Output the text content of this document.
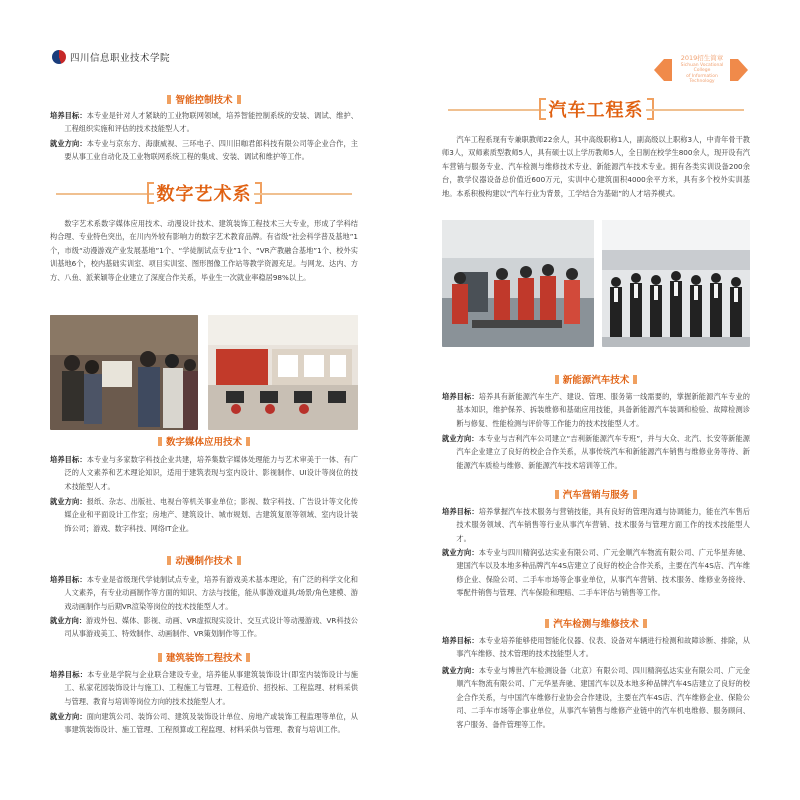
四川信息职业技术学院	2019招生简章
Sichuan Vocational College
of Information
Technology
智能控制技术
培养目标：本专业是针对人才紧缺的工业物联网领域，培养智能控制系统的安装、调试、维护、工程组织实施和评估的技术技能型人才。
就业方向：本专业与京东方、海康威视、三环电子、四川旧咖君郎科技有限公司等企业合作，主要从事工业自动化及工业物联网系统工程的集成、安装、调试和维护等工作。
数字艺术系
数字艺术系数字媒体应用技术、动漫设计技术、建筑装饰工程技术三大专业，形成了学科结构合理、专业特色突出，在川内外较有影响力的数字艺术教育品牌。有省级“社会科学普及基地”1个，市级“动漫游戏产业发展基地”1个、“学徒制试点专业”1个、“VR产教融合基地”1个、校外实训基地6个，校内基础实训室、项目实训室、图形图像工作站等教学资源充足。与网龙、达内、方方、八鱼、派莱颖等企业建立了深度合作关系，毕业生一次就业率稳居98%以上。
数字媒体应用技术
培养目标：本专业与多家数字科技企业共建，培养集数字媒体处理能力与艺术审美于一体、有广泛的人文素养和艺术理论知识，适用于建筑表现与室内设计、影视制作、UI设计等岗位的技术技能型人才。
就业方向：报纸、杂志、出版社、电视台等机关事业单位；影视、数字科技、广告设计等文化传媒企业和平面设计工作室；房地产、建筑设计、城市规划、古建筑复原等领域、室内设计装饰公司；游戏、数字科技、网络IT企业。
动漫制作技术
培养目标：本专业是省级现代学徒制试点专业，培养有游戏美术基本理论，有广泛的科学文化和人文素养，有专业动画制作等方面的知识、方法与技能，能从事游戏道具/场景/角色建模、游戏动画制作与后期VR渲染等岗位的技术技能型人才。
就业方向：游戏外包、媒体、影视、动画、VR虚拟现实设计、交互式设计等动漫游戏、VR科技公司从事游戏美工、特效制作、动画制作、VR策划制作等工作。
建筑装饰工程技术
培养目标：本专业是学院与企业联合建设专业，培养能从事建筑装饰设计(即室内装饰设计与施工、私家花园装饰设计与施工)、工程施工与管理、工程造价、招投标、工程监理、材料采供与管理、教育与培训等岗位方向的技术技能型人才。
就业方向：面向建筑公司、装饰公司、建筑及装饰设计单位、房地产或装饰工程监理等单位，从事建筑装饰设计、施工管理、工程预算或工程监理、材料采供与管理、教育与培训工作。
汽车工程系
汽车工程系现有专兼职教师22余人，其中高级职称1人，副高级以上职称3人，中青年骨干教师3人，双师素质型教师5人，具有硕士以上学历教师5人，全日制在校学生800余人，现开设有汽车营销与服务专业、汽车检测与维修技术专业、新能源汽车技术专业。拥有各类实训设备200余台，教学仪器设备总价值近600万元，实训中心建筑面积4000余平方米，具有多个校外实训基地。本系积极构建以“汽车行业为背景，工学结合为基础”的人才培养模式。
新能源汽车技术
培养目标：培养具有新能源汽车生产、建设、管理、服务第一线需要的，掌握新能源汽车专业的基本知识，维护保养、拆装维修和基础应用技能，具备新能源汽车装调和检验、故障检测诊断与修复、性能检测与评价等工作能力的技术技能型人才。
就业方向：本专业与吉利汽车公司建立“吉利新能源汽车专班”，并与大众、北汽、长安等新能源汽车企业建立了良好的校企合作关系，从事传统汽车和新能源汽车销售与维修业务等待、新能源汽车质检与维修、新能源汽车技术培训等工作。
汽车营销与服务
培养目标：培养掌握汽车技术服务与营销技能，具有良好的管理沟通与协调能力，能在汽车售后技术服务领域、汽车销售等行业从事汽车营销、技术服务与管理方面工作的技术技能型人才。
就业方向：本专业与四川精润弘达实业有限公司、广元金顺汽车物流有限公司、广元华星奔驰、建国汽车以及本地多种品牌汽车4S店建立了良好的校企合作关系，主要在汽车4S店、汽车维修企业、保险公司、二手车市场等企事业单位，从事汽车营销、技术服务、维修业务接待、零配件销售与管理、汽车保险和理赔、二手车评估与销售等工作。
汽车检测与维修技术
培养目标：本专业培养能够使用智能化仪器、仪表、设备对车辆进行检测和故障诊断、排除，从事汽车维修、技术管理的技术技能型人才。
就业方向：本专业与博世汽车检测设备（北京）有限公司、四川精润弘达实业有限公司、广元金顺汽车物流有限公司、广元华星奔驰、建国汽车以及本地多种品牌汽车4S店建立了良好的校企合作关系，与中国汽车维修行业协会合作建设，主要在汽车4S店、汽车维修企业、保险公司、二手车市场等企事业单位，从事汽车销售与维修产业链中的汽车机电维修、服务顾问、客户服务、备件管理等工作。
